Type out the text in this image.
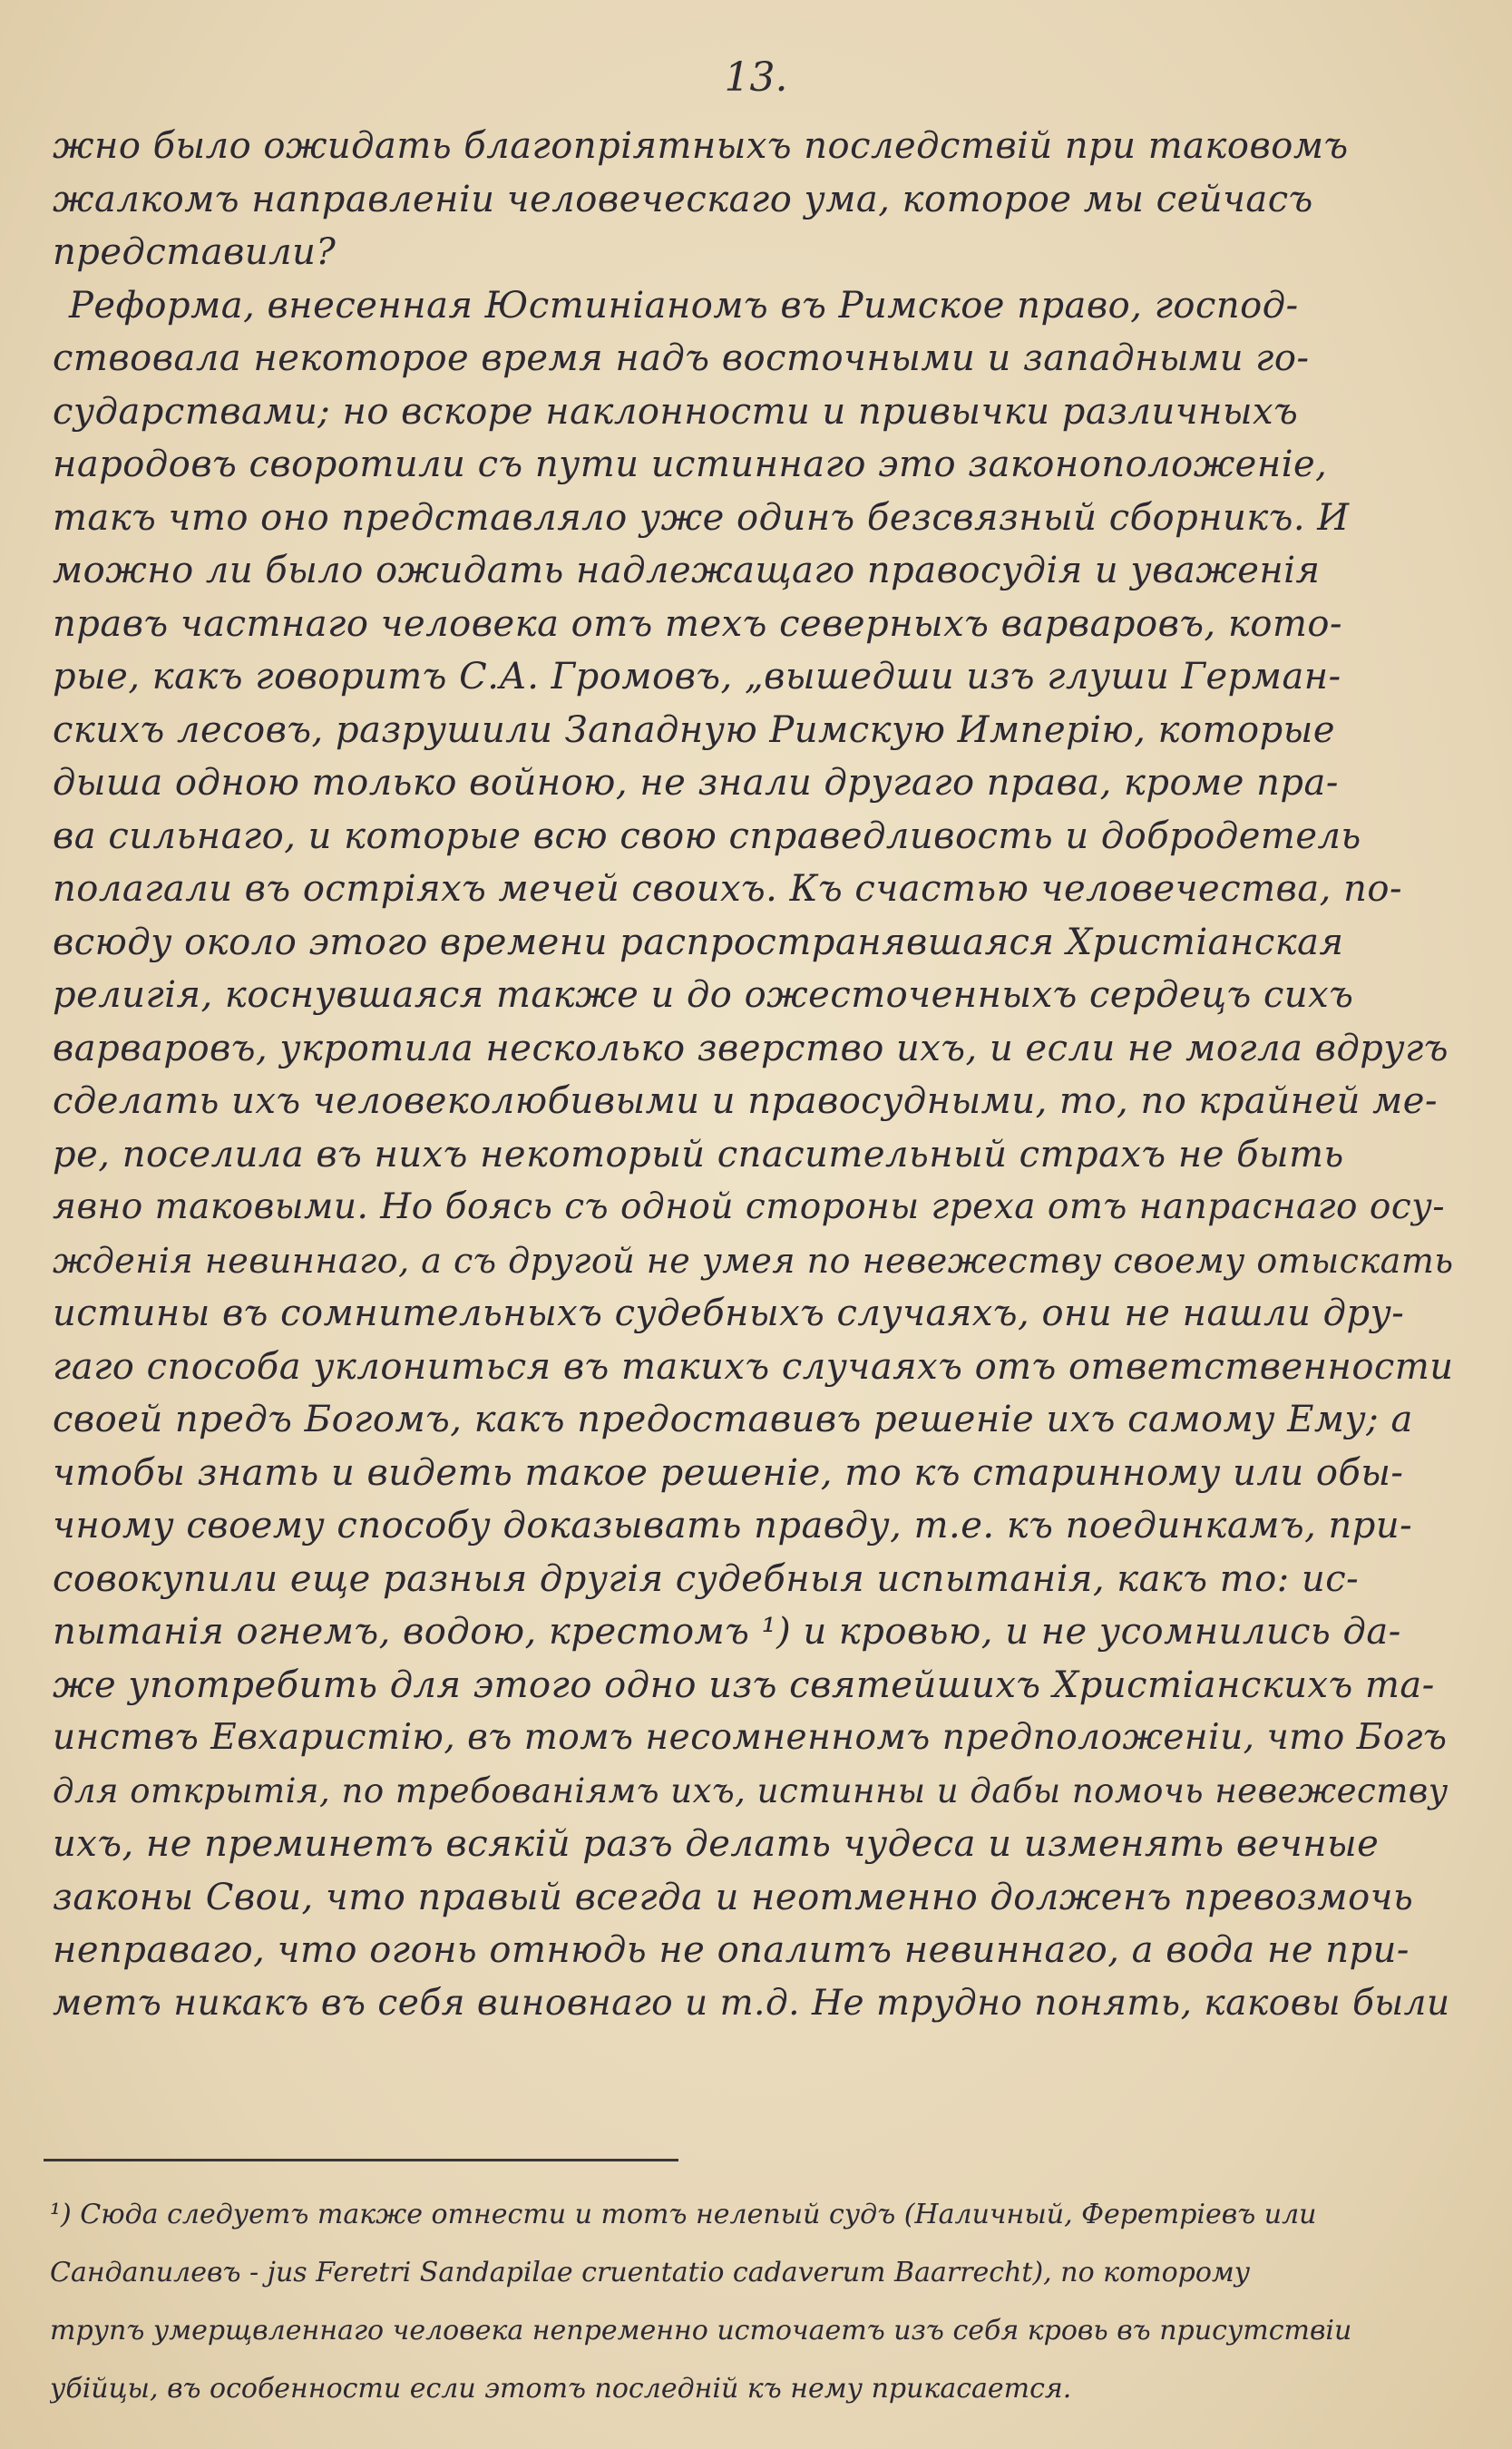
13.
жно было ожидать благопріятныхъ последствій при таковомъ
жалкомъ направленіи человеческаго ума, которое мы сейчасъ
представили?
Реформа, внесенная Юстиніаномъ въ Римское право, господ-
ствовала некоторое время надъ восточными и западными го-
сударствами; но вскоре наклонности и привычки различныхъ
народовъ своротили съ пути истиннаго это законоположеніе,
такъ что оно представляло уже одинъ безсвязный сборникъ. И
можно ли было ожидать надлежащаго правосудія и уваженія
правъ частнаго человека отъ техъ северныхъ варваровъ, кото-
рые, какъ говоритъ С.А. Громовъ, „вышедши изъ глуши Герман-
скихъ лесовъ, разрушили Западную Римскую Имперію, которые
дыша одною только войною, не знали другаго права, кроме пра-
ва сильнаго, и которые всю свою справедливость и добродетель
полагали въ остріяхъ мечей своихъ. Къ счастью человечества, по-
всюду около этого времени распространявшаяся Христіанская
религія, коснувшаяся также и до ожесточенныхъ сердецъ сихъ
варваровъ, укротила несколько зверство ихъ, и если не могла вдругъ
сделать ихъ человеколюбивыми и правосудными, то, по крайней ме-
ре, поселила въ нихъ некоторый спасительный страхъ не быть
явно таковыми. Но боясь съ одной стороны греха отъ напраснаго осу-
жденія невиннаго, а съ другой не умея по невежеству своему отыскать
истины въ сомнительныхъ судебныхъ случаяхъ, они не нашли дру-
гаго способа уклониться въ такихъ случаяхъ отъ ответственности
своей предъ Богомъ, какъ предоставивъ решеніе ихъ самому Ему; а
чтобы знать и видеть такое решеніе, то къ старинному или обы-
чному своему способу доказывать правду, т.е. къ поединкамъ, при-
совокупили еще разныя другія судебныя испытанія, какъ то: ис-
пытанія огнемъ, водою, крестомъ ¹) и кровью, и не усомнились да-
же употребить для этого одно изъ святейшихъ Христіанскихъ та-
инствъ Евхаристію, въ томъ несомненномъ предположеніи, что Богъ
для открытія, по требованіямъ ихъ, истинны и дабы помочь невежеству
ихъ, не преминетъ всякій разъ делать чудеса и изменять вечные
законы Свои, что правый всегда и неотменно долженъ превозмочь
неправаго, что огонь отнюдь не опалитъ невиннаго, а вода не при-
метъ никакъ въ себя виновнаго и т.д. Не трудно понять, каковы были
¹) Сюда следуетъ также отнести и тотъ нелепый судъ (Наличный, Феретріевъ или
Сандапилевъ - jus Feretri Sandapilae cruentatio cadaverum Baarrecht), по которому
трупъ умерщвленнаго человека непременно источаетъ изъ себя кровь въ присутствіи
убійцы, въ особенности если этотъ последній къ нему прикасается.
